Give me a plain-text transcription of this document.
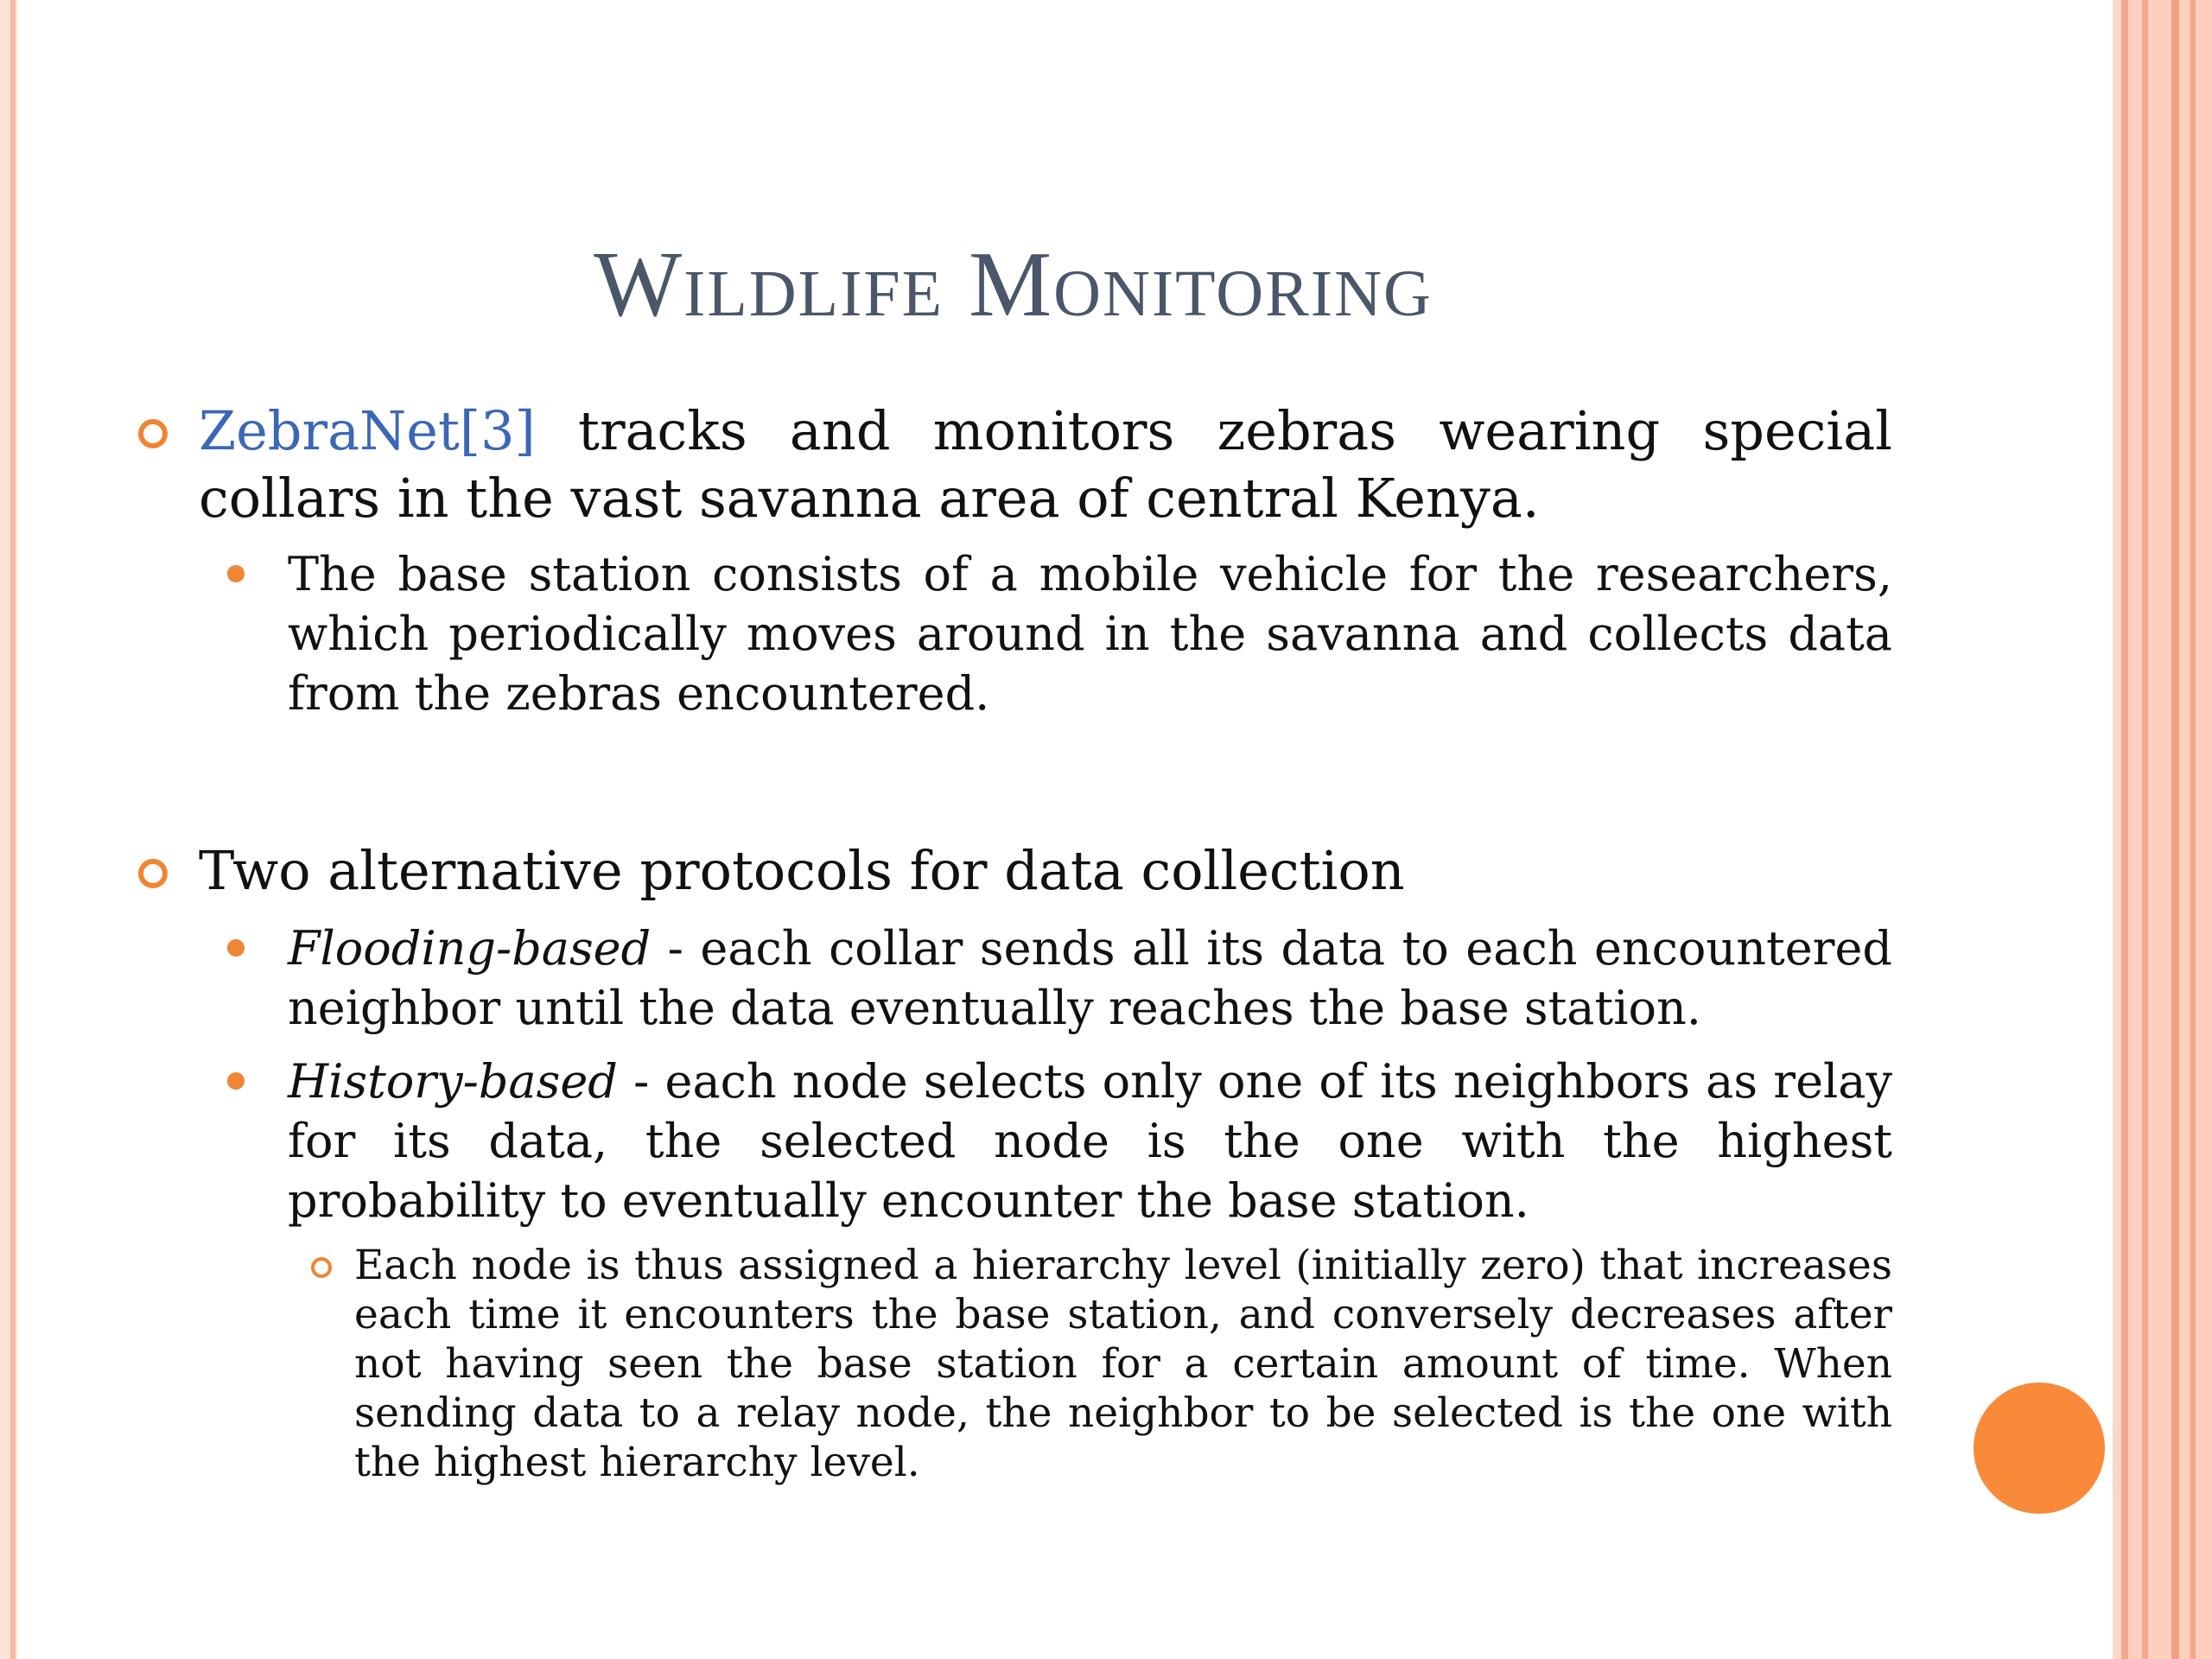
Wildlife Monitoring
ZebraNet[3] tracks and monitors zebras wearing special collars in the vast savanna area of central Kenya.
The base station consists of a mobile vehicle for the researchers, which periodically moves around in the savanna and collects data from the zebras encountered.
Two alternative protocols for data collection
Flooding-based - each collar sends all its data to each encountered neighbor until the data eventually reaches the base station.
History-based - each node selects only one of its neighbors as relay for its data, the selected node is the one with the highest probability to eventually encounter the base station.
Each node is thus assigned a hierarchy level (initially zero) that increases each time it encounters the base station, and conversely decreases after not having seen the base station for a certain amount of time. When sending data to a relay node, the neighbor to be selected is the one with the highest hierarchy level.
